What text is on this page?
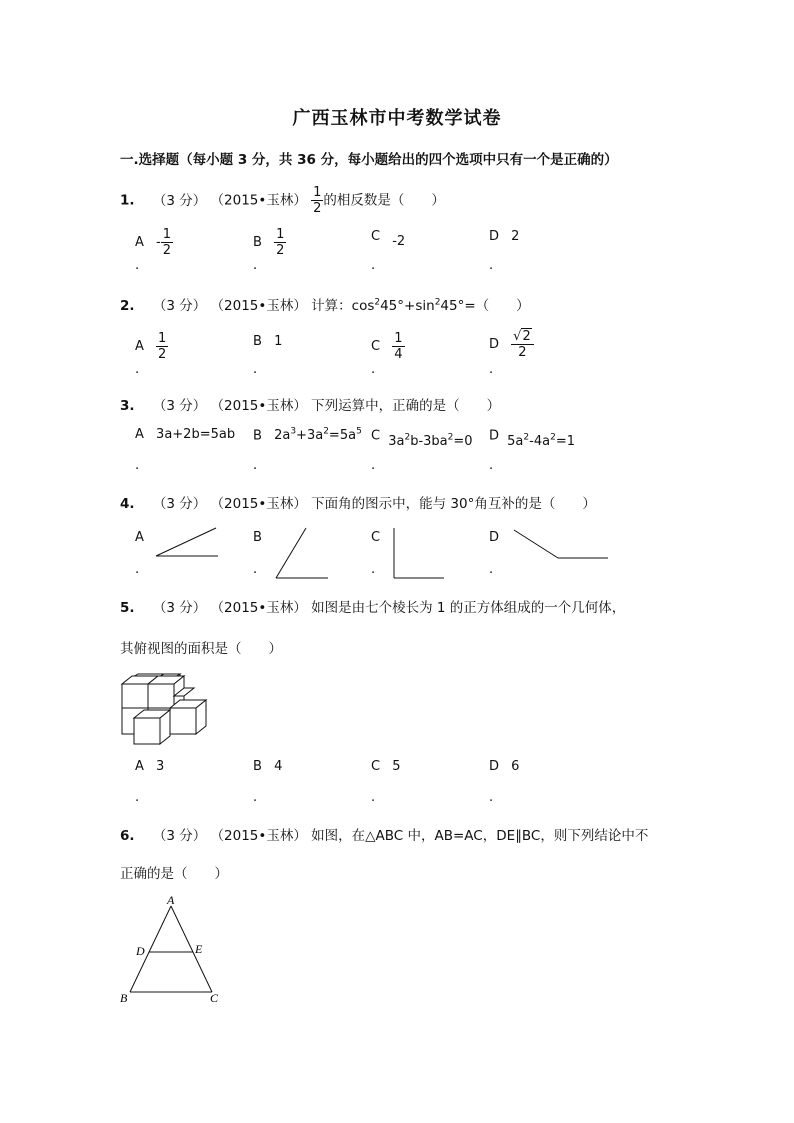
广西玉林市中考数学试卷
一.选择题（每小题 3 分，共 36 分，每小题给出的四个选项中只有一个是正确的）
1. （3 分） （2015•玉林） $\frac{1}{2}$ 的相反数是（　　）
A - $\frac{1}{2}$	B $\frac{1}{2}$	C -2	D 2
.	.	.	.
2. （3 分） （2015•玉林） 计算：$\cos^245^\circ+\sin^245^\circ=$（　　）
A $\frac{1}{2}$	B 1	C $\frac{1}{4}$	D $\frac{√2}{2}$
.	.	.	.
3. （3 分） （2015•玉林） 下列运算中，正确的是（　　）
A 3a+2b=5ab B $2a^3+3a^2=5a^5$ C $3a^2b-3ba^2=0$ D $5a^2-4a^2=1$
.	.	.	.
4. （3 分） （2015•玉林） 下面角的图示中，能与 30°角互补的是（　　）
A	B	C	D
.	.	.	.
5. （3 分） （2015•玉林） 如图是由七个棱长为 1 的正方体组成的一个几何体，
其俯视图的面积是（　　）
A 3	B 4	C 5	D 6
.	.	.	.
6. （3 分） （2015•玉林） 如图，在△ABC 中，AB=AC，DE∥BC，则下列结论中不
正确的是（　　）
A
D	E
B	C
